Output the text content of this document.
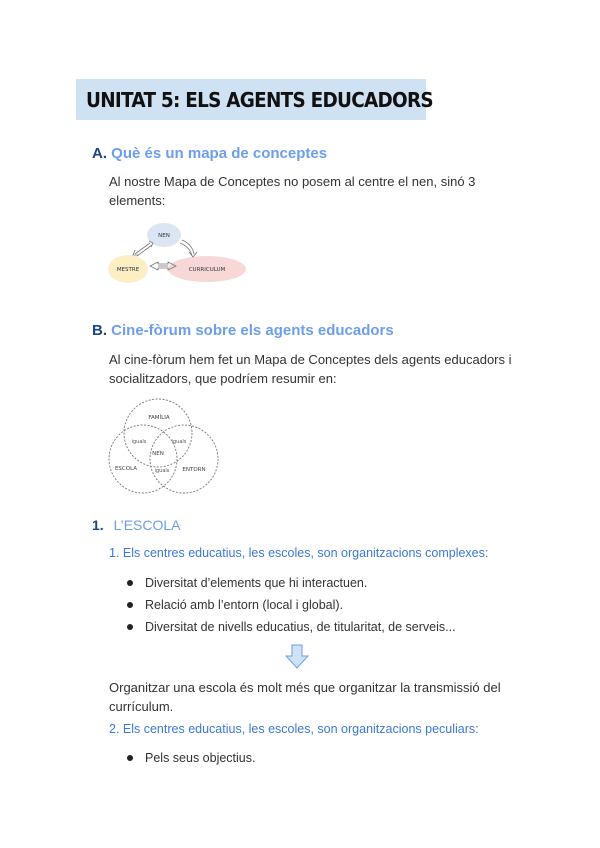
UNITAT 5: ELS AGENTS EDUCADORS
A. Què és un mapa de conceptes
Al nostre Mapa de Conceptes no posem al centre el nen, sinó 3 elements:
NEN
MESTRE	CURRICULUM
B. Cine-fòrum sobre els agents educadors
Al cine-fòrum hem fet un Mapa de Conceptes dels agents educadors i socialitzadors, que podríem resumir en:
FAMÍLIA
ESCOLA	ENTORN
NEN
iguals	iguals
iguals
1. L’ESCOLA
1. Els centres educatius, les escoles, son organitzacions complexes:
Diversitat d’elements que hi interactuen.
Relació amb l’entorn (local i global).
Diversitat de nivells educatius, de titularitat, de serveis...
Organitzar una escola és molt més que organitzar la transmissió del currículum.
2. Els centres educatius, les escoles, son organitzacions peculiars:
Pels seus objectius.
